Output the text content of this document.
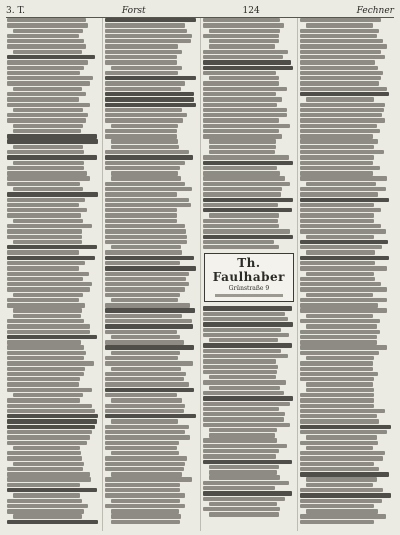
3. T.	Forst	124	Fechner
Th. Faulhaber
Grünstraße 9
